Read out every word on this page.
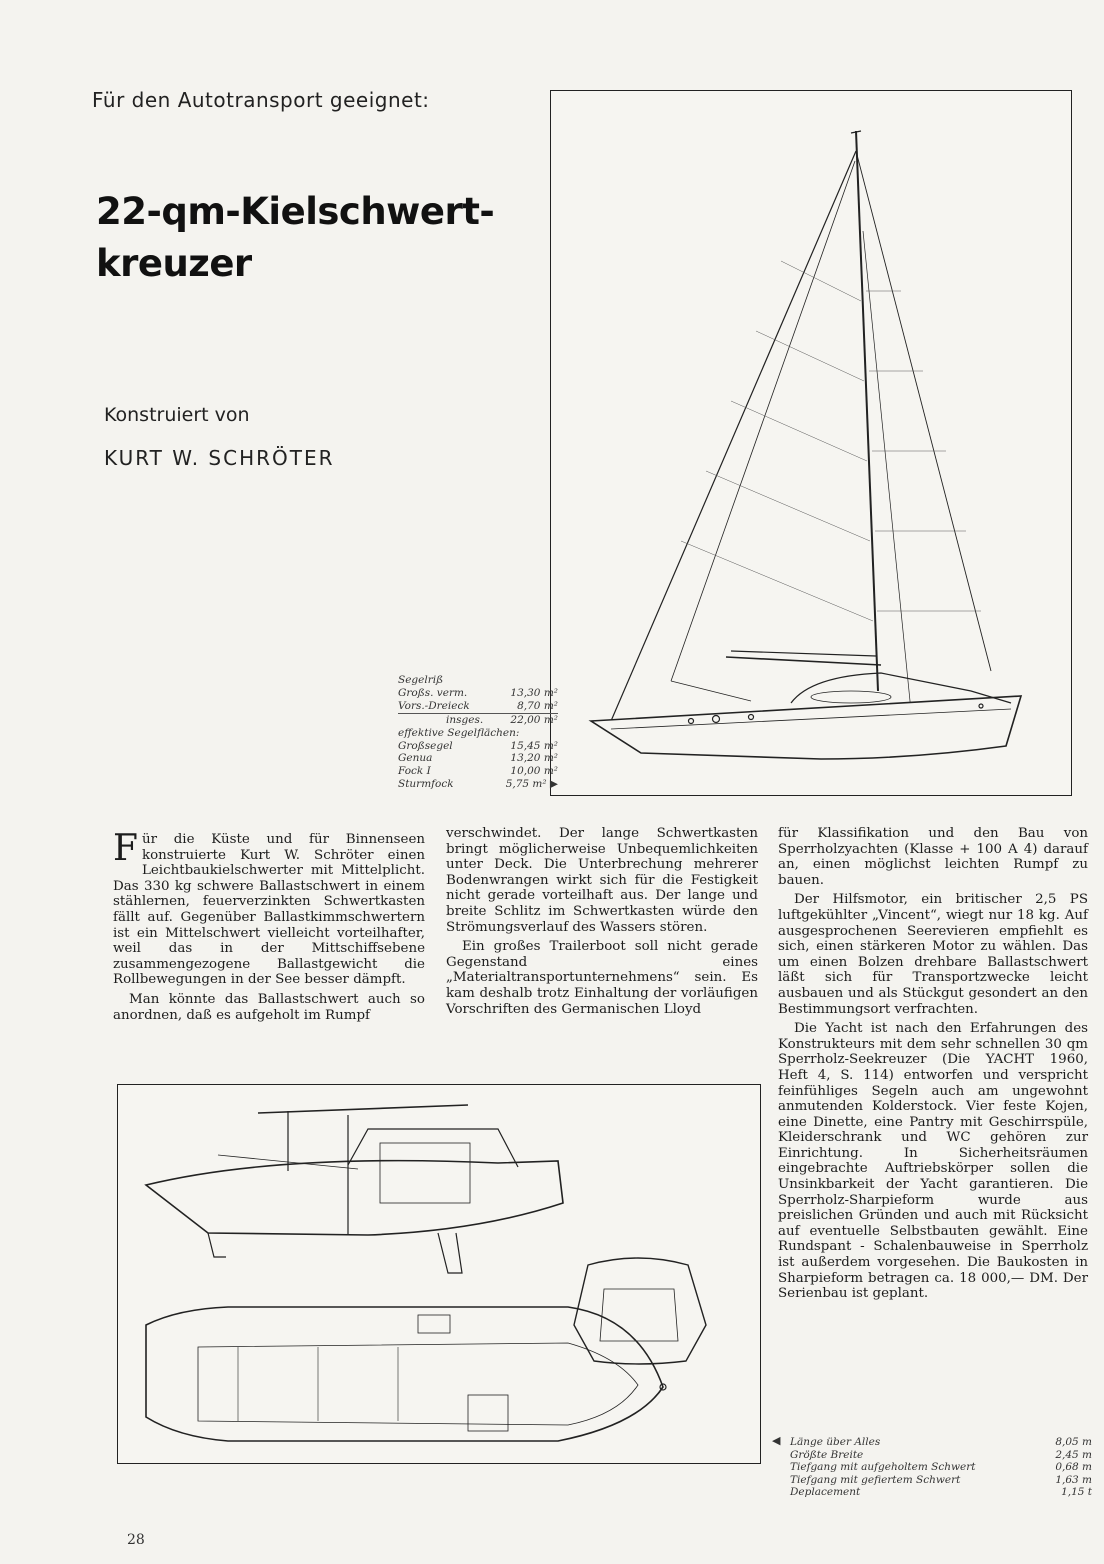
Für den Autotransport geeignet:
22-qm-Kielschwert-
kreuzer
Konstruiert von
KURT W. SCHRÖTER
Segelriß
Großs. verm.	13,30 m²
Vors.-Dreieck	8,70 m²
insges.	22,00 m²
effektive Segelflächen:
Großsegel	15,45 m²
Genua	13,20 m²
Fock I	10,00 m²
Sturmfock	5,75 m² ▶

Für die Küste und für Binnenseen konstruierte Kurt W. Schröter einen Leichtbaukielschwerter mit Mittelplicht. Das 330 kg schwere Ballastschwert in einem stählernen, feuerverzinkten Schwertkasten fällt auf. Gegenüber Ballastkimmschwertern ist ein Mittelschwert vielleicht vorteilhafter, weil das in der Mittschiffsebene zusammengezogene Ballastgewicht die Rollbewegungen in der See besser dämpft.

Man könnte das Ballastschwert auch so anordnen, daß es aufgeholt im Rumpf

verschwindet. Der lange Schwertkasten bringt möglicherweise Unbequemlichkeiten unter Deck. Die Unterbrechung mehrerer Bodenwrangen wirkt sich für die Festigkeit nicht gerade vorteilhaft aus. Der lange und breite Schlitz im Schwertkasten würde den Strömungsverlauf des Wassers stören.

Ein großes Trailerboot soll nicht gerade Gegenstand eines „Materialtransportunternehmens“ sein. Es kam deshalb trotz Einhaltung der vorläufigen Vorschriften des Germanischen Lloyd

für Klassifikation und den Bau von Sperrholzyachten (Klasse + 100 A 4) darauf an, einen möglichst leichten Rumpf zu bauen.

Der Hilfsmotor, ein britischer 2,5 PS luftgekühlter „Vincent“, wiegt nur 18 kg. Auf ausgesprochenen Seerevieren empfiehlt es sich, einen stärkeren Motor zu wählen. Das um einen Bolzen drehbare Ballastschwert läßt sich für Transportzwecke leicht ausbauen und als Stückgut gesondert an den Bestimmungsort verfrachten.

Die Yacht ist nach den Erfahrungen des Konstrukteurs mit dem sehr schnellen 30 qm Sperrholz-Seekreuzer (Die YACHT 1960, Heft 4, S. 114) entworfen und verspricht feinfühliges Segeln auch am ungewohnt anmutenden Kolderstock. Vier feste Kojen, eine Dinette, eine Pantry mit Geschirrspüle, Kleiderschrank und WC gehören zur Einrichtung. In Sicherheitsräumen eingebrachte Auftriebskörper sollen die Unsinkbarkeit der Yacht garantieren. Die Sperrholz-Sharpieform wurde aus preislichen Gründen und auch mit Rücksicht auf eventuelle Selbstbauten gewählt. Eine Rundspant - Schalenbauweise in Sperrholz ist außerdem vorgesehen. Die Baukosten in Sharpieform betragen ca. 18 000,— DM. Der Serienbau ist geplant.

◀ Länge über Alles	8,05 m
Größte Breite	2,45 m
Tiefgang mit aufgeholtem Schwert	0,68 m
Tiefgang mit gefiertem Schwert	1,63 m
Deplacement	1,15 t
28
